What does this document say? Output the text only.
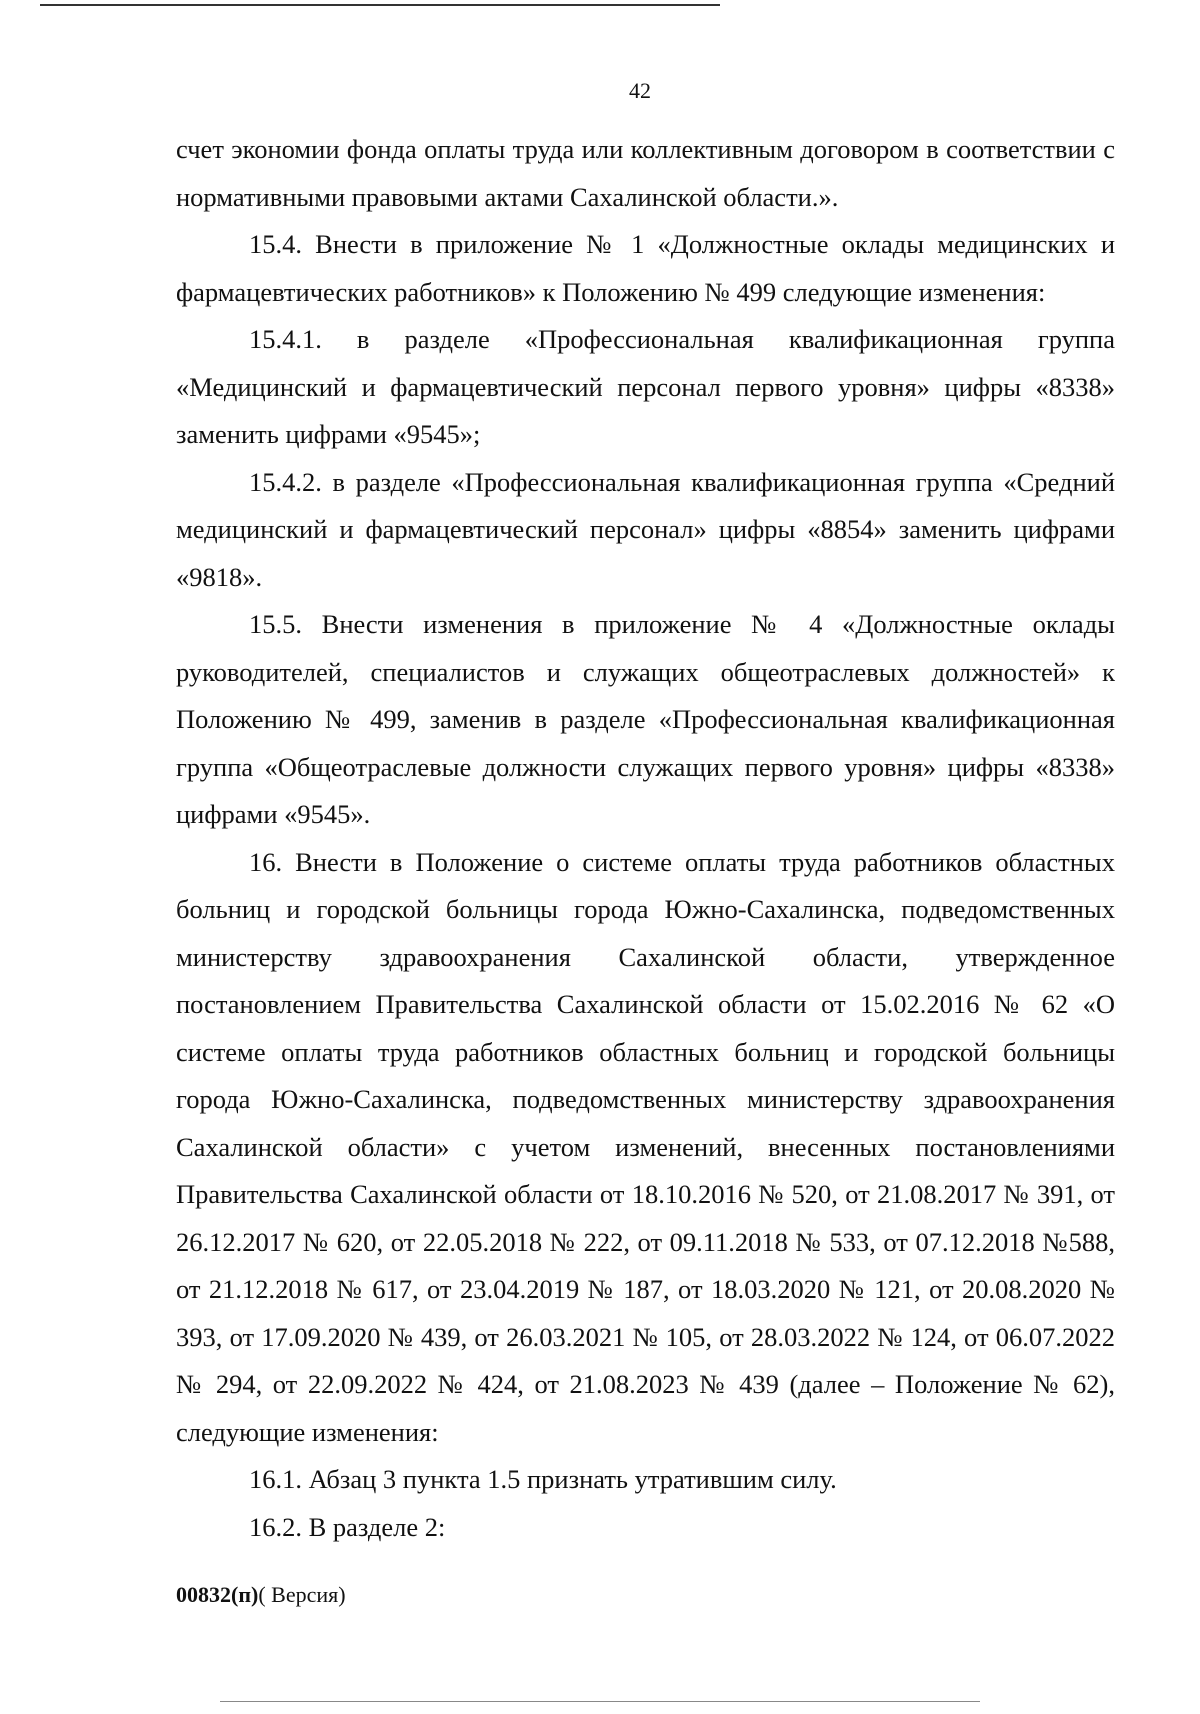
42

счет экономии фонда оплаты труда или коллективным договором в соответствии с нормативными правовыми актами Сахалинской области.».

15.4. Внести в приложение № 1 «Должностные оклады медицинских и фармацевтических работников» к Положению № 499 следующие изменения:

15.4.1. в разделе «Профессиональная квалификационная группа «Медицинский и фармацевтический персонал первого уровня» цифры «8338» заменить цифрами «9545»;

15.4.2. в разделе «Профессиональная квалификационная группа «Средний медицинский и фармацевтический персонал» цифры «8854» заменить цифрами «9818».

15.5. Внести изменения в приложение № 4 «Должностные оклады руководителей, специалистов и служащих общеотраслевых должностей» к Положению № 499, заменив в разделе «Профессиональная квалификационная группа «Общеотраслевые должности служащих первого уровня» цифры «8338» цифрами «9545».

16. Внести в Положение о системе оплаты труда работников областных больниц и городской больницы города Южно-Сахалинска, подведомственных министерству здравоохранения Сахалинской области, утвержденное постановлением Правительства Сахалинской области от 15.02.2016 № 62 «О системе оплаты труда работников областных больниц и городской больницы города Южно-Сахалинска, подведомственных министерству здравоохранения Сахалинской области» с учетом изменений, внесенных постановлениями Правительства Сахалинской области от 18.10.2016 № 520, от 21.08.2017 № 391, от 26.12.2017 № 620, от 22.05.2018 № 222, от 09.11.2018 № 533, от 07.12.2018 №588, от 21.12.2018 № 617, от 23.04.2019 № 187, от 18.03.2020 № 121, от 20.08.2020 № 393, от 17.09.2020 № 439, от 26.03.2021 № 105, от 28.03.2022 № 124, от 06.07.2022 № 294, от 22.09.2022 № 424, от 21.08.2023 № 439 (далее – Положение № 62), следующие изменения:

16.1. Абзац 3 пункта 1.5 признать утратившим силу.

16.2. В разделе 2:

00832(п)( Версия)
